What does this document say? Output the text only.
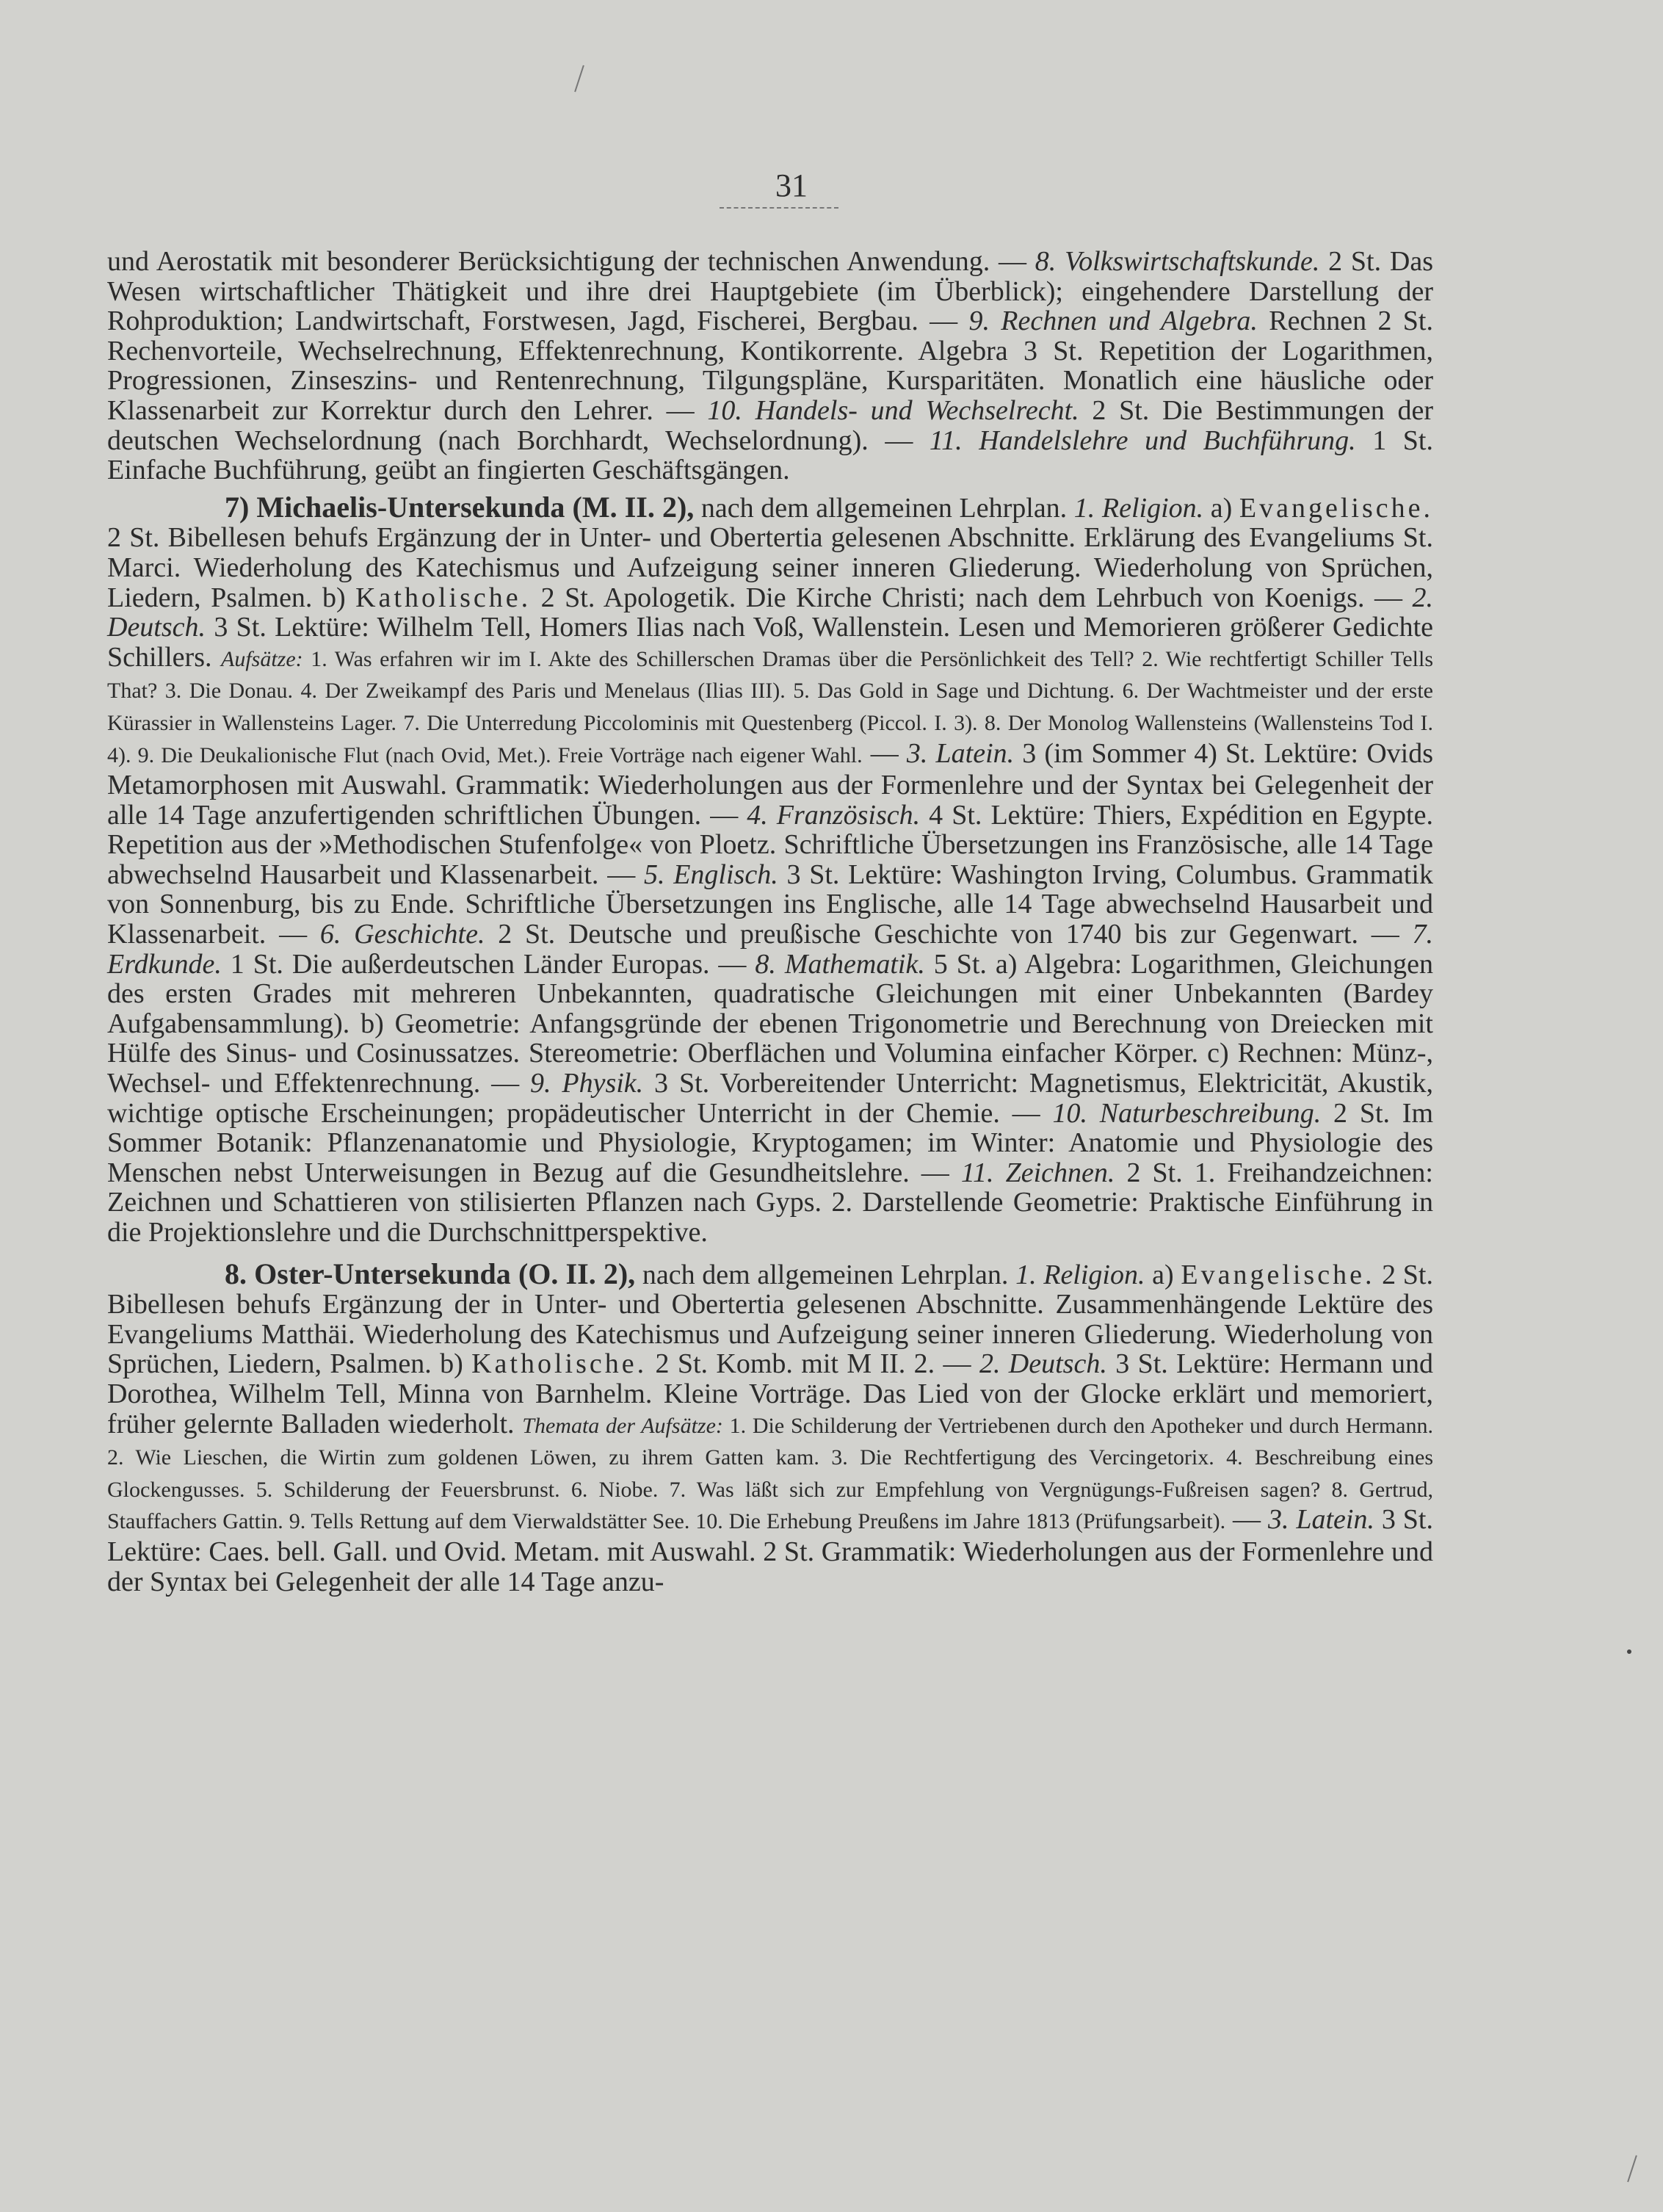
31

und Aerostatik mit besonderer Berücksichtigung der technischen Anwendung. — 8. Volkswirtschaftskunde. 2 St. Das Wesen wirtschaftlicher Thätigkeit und ihre drei Hauptgebiete (im Überblick); eingehendere Darstellung der Rohproduktion; Landwirtschaft, Forstwesen, Jagd, Fischerei, Bergbau. — 9. Rechnen und Algebra. Rechnen 2 St. Rechenvorteile, Wechselrechnung, Effektenrechnung, Kontikorrente. Algebra 3 St. Repetition der Logarithmen, Progressionen, Zinseszins- und Rentenrechnung, Tilgungspläne, Kursparitäten. Monatlich eine häusliche oder Klassenarbeit zur Korrektur durch den Lehrer. — 10. Handels- und Wechselrecht. 2 St. Die Bestimmungen der deutschen Wechselordnung (nach Borchhardt, Wechselordnung). — 11. Handelslehre und Buchführung. 1 St. Einfache Buchführung, geübt an fingierten Geschäftsgängen.

7) Michaelis-Untersekunda (M. II. 2), nach dem allgemeinen Lehrplan. 1. Religion. a) Evangelische. 2 St. Bibellesen behufs Ergänzung der in Unter- und Obertertia gelesenen Abschnitte. Erklärung des Evangeliums St. Marci. Wiederholung des Katechismus und Aufzeigung seiner inneren Gliederung. Wiederholung von Sprüchen, Liedern, Psalmen. b) Katholische. 2 St. Apologetik. Die Kirche Christi; nach dem Lehrbuch von Koenigs. — 2. Deutsch. 3 St. Lektüre: Wilhelm Tell, Homers Ilias nach Voß, Wallenstein. Lesen und Memorieren größerer Gedichte Schillers. Aufsätze: 1. Was erfahren wir im I. Akte des Schillerschen Dramas über die Persönlichkeit des Tell? 2. Wie rechtfertigt Schiller Tells That? 3. Die Donau. 4. Der Zweikampf des Paris und Menelaus (Ilias III). 5. Das Gold in Sage und Dichtung. 6. Der Wachtmeister und der erste Kürassier in Wallensteins Lager. 7. Die Unterredung Piccolominis mit Questenberg (Piccol. I. 3). 8. Der Monolog Wallensteins (Wallensteins Tod I. 4). 9. Die Deukalionische Flut (nach Ovid, Met.). Freie Vorträge nach eigener Wahl. — 3. Latein. 3 (im Sommer 4) St. Lektüre: Ovids Metamorphosen mit Auswahl. Grammatik: Wiederholungen aus der Formenlehre und der Syntax bei Gelegenheit der alle 14 Tage anzufertigenden schriftlichen Übungen. — 4. Französisch. 4 St. Lektüre: Thiers, Expédition en Egypte. Repetition aus der »Methodischen Stufenfolge« von Ploetz. Schriftliche Übersetzungen ins Französische, alle 14 Tage abwechselnd Hausarbeit und Klassenarbeit. — 5. Englisch. 3 St. Lektüre: Washington Irving, Columbus. Grammatik von Sonnenburg, bis zu Ende. Schriftliche Übersetzungen ins Englische, alle 14 Tage abwechselnd Hausarbeit und Klassenarbeit. — 6. Geschichte. 2 St. Deutsche und preußische Geschichte von 1740 bis zur Gegenwart. — 7. Erdkunde. 1 St. Die außerdeutschen Länder Europas. — 8. Mathematik. 5 St. a) Algebra: Logarithmen, Gleichungen des ersten Grades mit mehreren Unbekannten, quadratische Gleichungen mit einer Unbekannten (Bardey Aufgabensammlung). b) Geometrie: Anfangsgründe der ebenen Trigonometrie und Berechnung von Dreiecken mit Hülfe des Sinus- und Cosinussatzes. Stereometrie: Oberflächen und Volumina einfacher Körper. c) Rechnen: Münz-, Wechsel- und Effektenrechnung. — 9. Physik. 3 St. Vorbereitender Unterricht: Magnetismus, Elektricität, Akustik, wichtige optische Erscheinungen; propädeutischer Unterricht in der Chemie. — 10. Naturbeschreibung. 2 St. Im Sommer Botanik: Pflanzenanatomie und Physiologie, Kryptogamen; im Winter: Anatomie und Physiologie des Menschen nebst Unterweisungen in Bezug auf die Gesundheitslehre. — 11. Zeichnen. 2 St. 1. Freihandzeichnen: Zeichnen und Schattieren von stilisierten Pflanzen nach Gyps. 2. Darstellende Geometrie: Praktische Einführung in die Projektionslehre und die Durchschnittperspektive.

8. Oster-Untersekunda (O. II. 2), nach dem allgemeinen Lehrplan. 1. Religion. a) Evangelische. 2 St. Bibellesen behufs Ergänzung der in Unter- und Obertertia gelesenen Abschnitte. Zusammenhängende Lektüre des Evangeliums Matthäi. Wiederholung des Katechismus und Aufzeigung seiner inneren Gliederung. Wiederholung von Sprüchen, Liedern, Psalmen. b) Katholische. 2 St. Komb. mit M II. 2. — 2. Deutsch. 3 St. Lektüre: Hermann und Dorothea, Wilhelm Tell, Minna von Barnhelm. Kleine Vorträge. Das Lied von der Glocke erklärt und memoriert, früher gelernte Balladen wiederholt. Themata der Aufsätze: 1. Die Schilderung der Vertriebenen durch den Apotheker und durch Hermann. 2. Wie Lieschen, die Wirtin zum goldenen Löwen, zu ihrem Gatten kam. 3. Die Rechtfertigung des Vercingetorix. 4. Beschreibung eines Glockengusses. 5. Schilderung der Feuersbrunst. 6. Niobe. 7. Was läßt sich zur Empfehlung von Vergnügungs-Fußreisen sagen? 8. Gertrud, Stauffachers Gattin. 9. Tells Rettung auf dem Vierwaldstätter See. 10. Die Erhebung Preußens im Jahre 1813 (Prüfungsarbeit). — 3. Latein. 3 St. Lektüre: Caes. bell. Gall. und Ovid. Metam. mit Auswahl. 2 St. Grammatik: Wiederholungen aus der Formenlehre und der Syntax bei Gelegenheit der alle 14 Tage anzu-
